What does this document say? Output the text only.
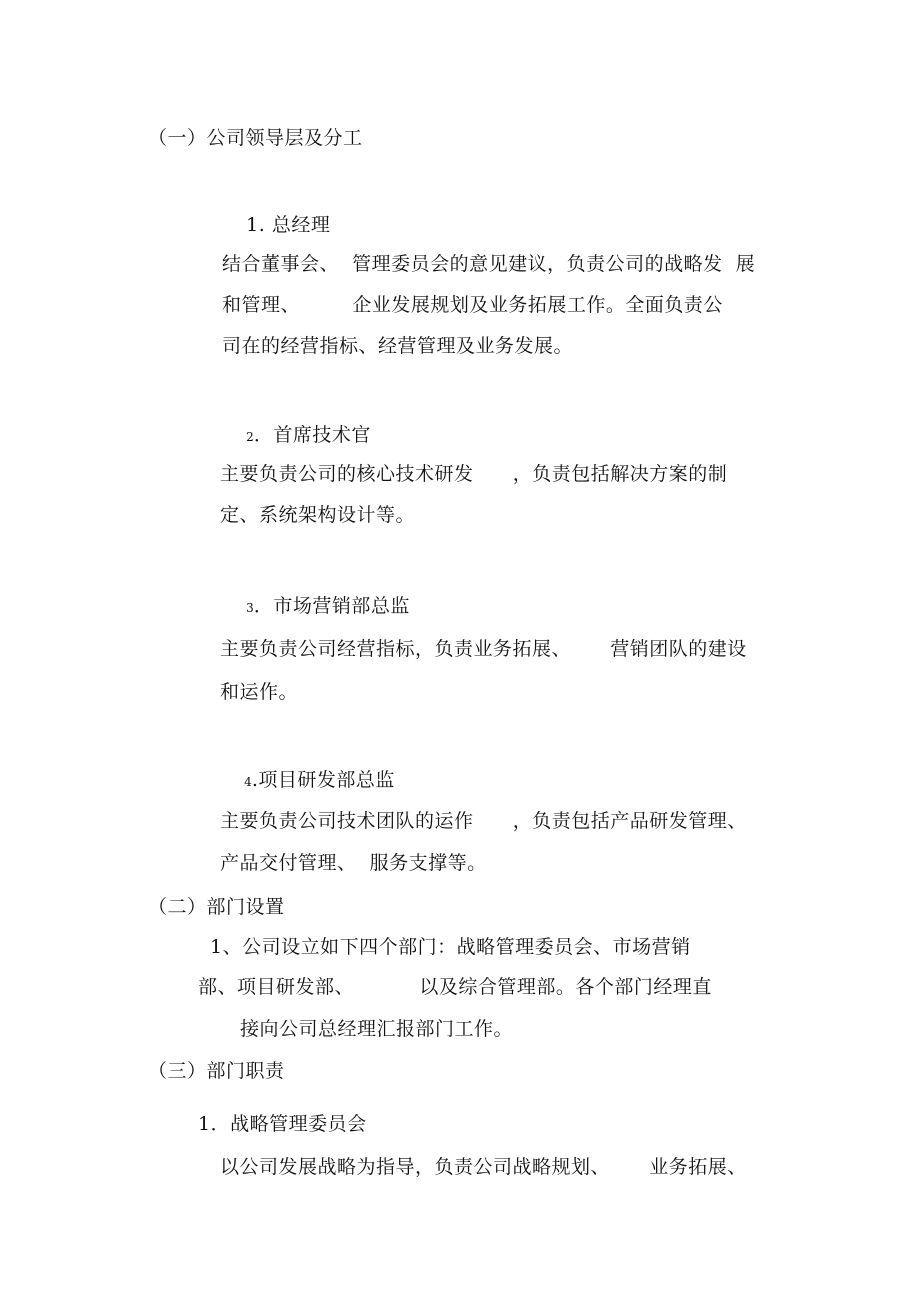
（一）公司领导层及分工

1. 总经理

结合董事会、  管理委员会的意见建议，负责公司的战略发  展
和管理、        企业发展规划及业务拓展工作。全面负责公
司在的经营指标、经营管理及业务发展。

2．首席技术官

主要负责公司的核心技术研发      ，负责包括解决方案的制
定、系统架构设计等。

3．市场营销部总监

主要负责公司经营指标，负责业务拓展、      营销团队的建设
和运作。

4.项目研发部总监

主要负责公司技术团队的运作      ，负责包括产品研发管理、
产品交付管理、  服务支撑等。
（二）部门设置
1、公司设立如下四个部门：战略管理委员会、市场营销
部、项目研发部、          以及综合管理部。各个部门经理直
接向公司总经理汇报部门工作。
（三）部门职责
1．战略管理委员会
以公司发展战略为指导，负责公司战略规划、      业务拓展、
